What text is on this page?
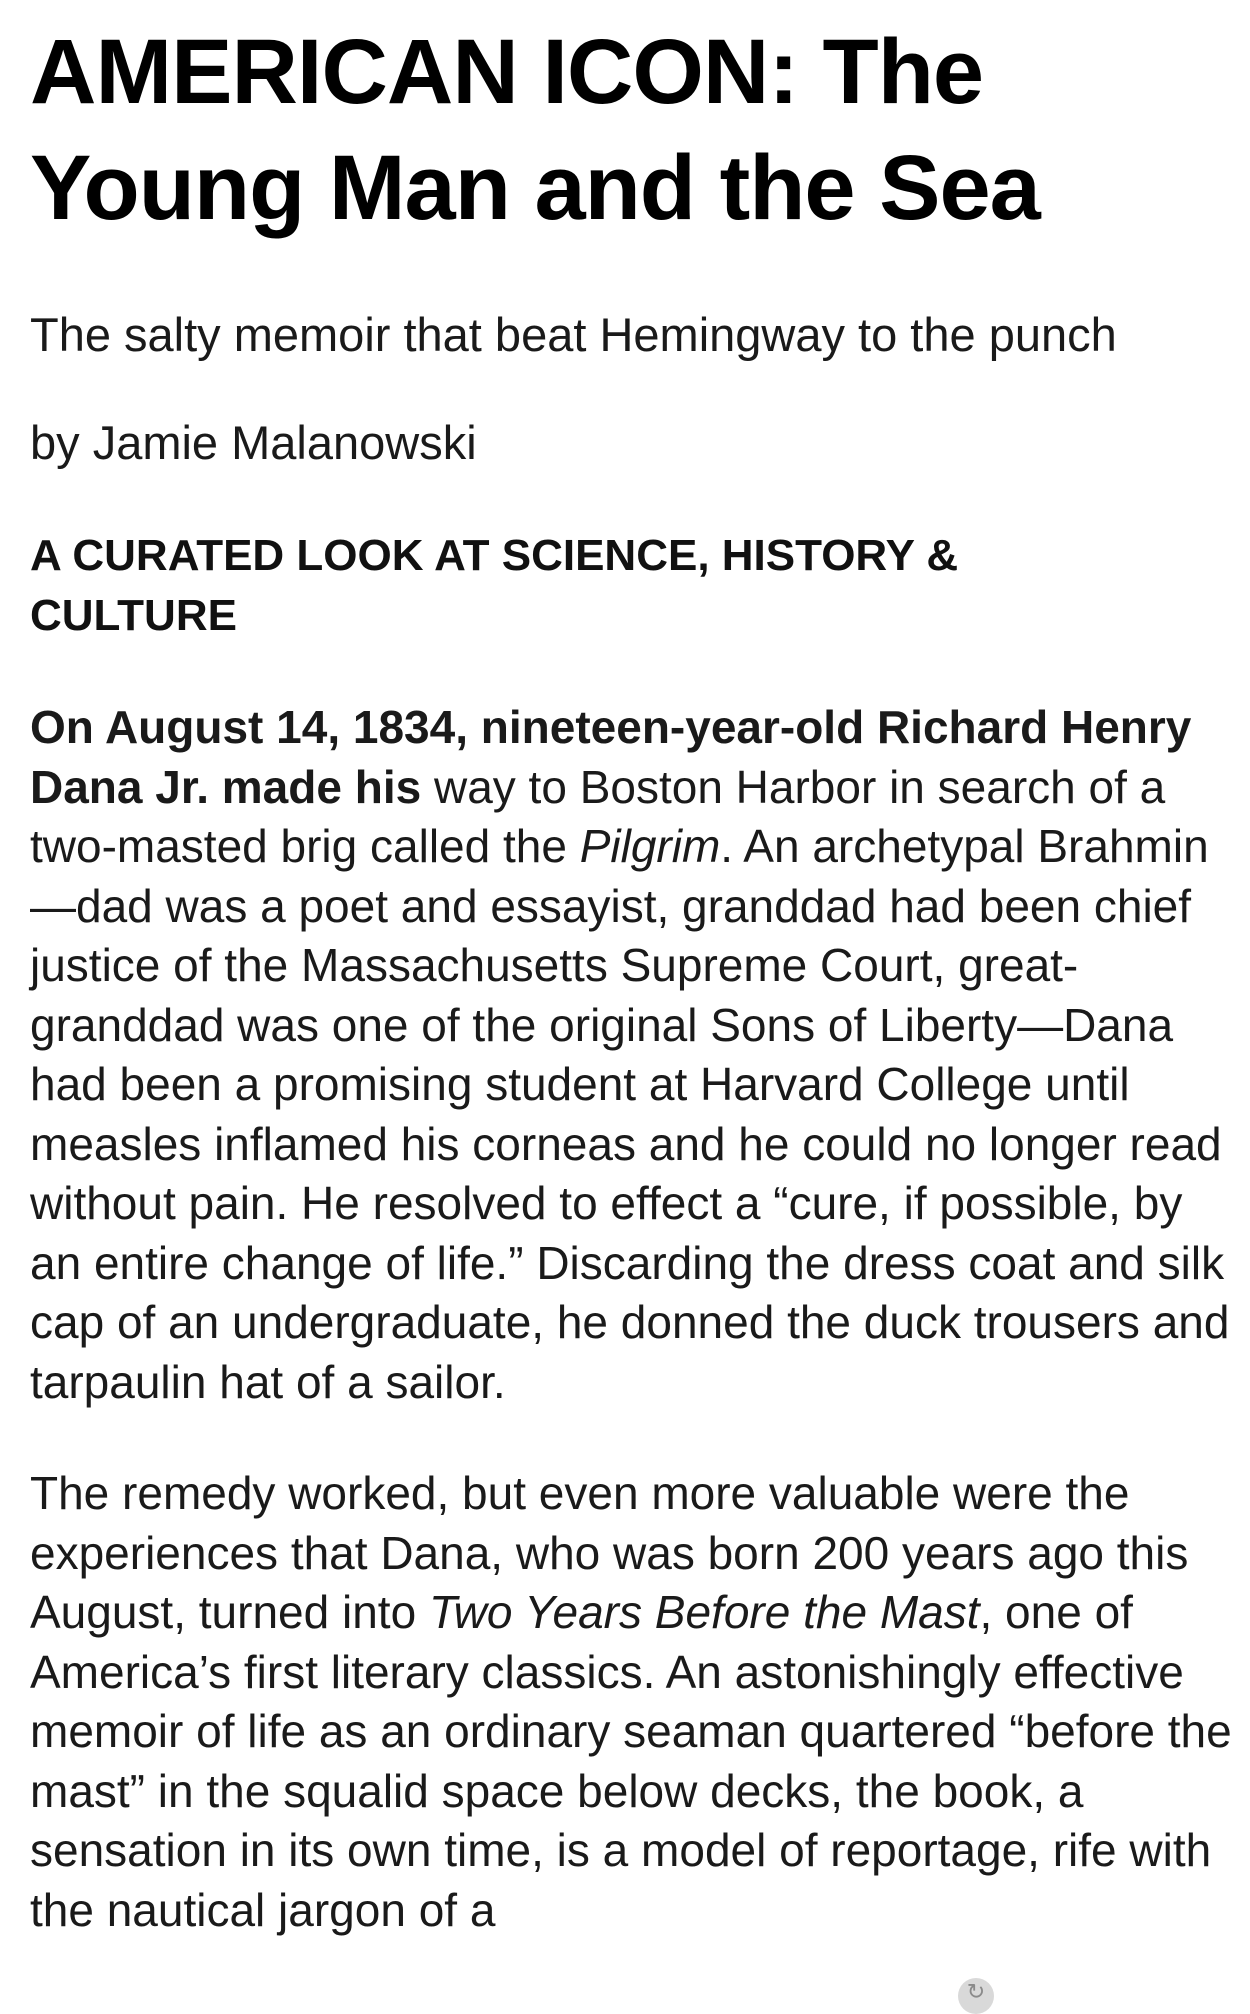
AMERICAN ICON: The Young Man and the Sea

The salty memoir that beat Hemingway to the punch

by Jamie Malanowski

A CURATED LOOK AT SCIENCE, HISTORY & CULTURE

On August 14, 1834, nineteen-year-old Richard Henry Dana Jr. made his way to Boston Harbor in search of a two-masted brig called the Pilgrim. An archetypal Brahmin—dad was a poet and essayist, granddad had been chief justice of the Massachusetts Supreme Court, great-granddad was one of the original Sons of Liberty—Dana had been a promising student at Harvard College until measles inflamed his corneas and he could no longer read without pain. He resolved to effect a “cure, if possible, by an entire change of life.” Discarding the dress coat and silk cap of an undergraduate, he donned the duck trousers and tarpaulin hat of a sailor.

The remedy worked, but even more valuable were the experiences that Dana, who was born 200 years ago this August, turned into Two Years Before the Mast, one of America’s first literary classics. An astonishingly effective memoir of life as an ordinary seaman quartered “before the mast” in the squalid space below decks, the book, a sensation in its own time, is a model of reportage, rife with the nautical jargon of a

↻
